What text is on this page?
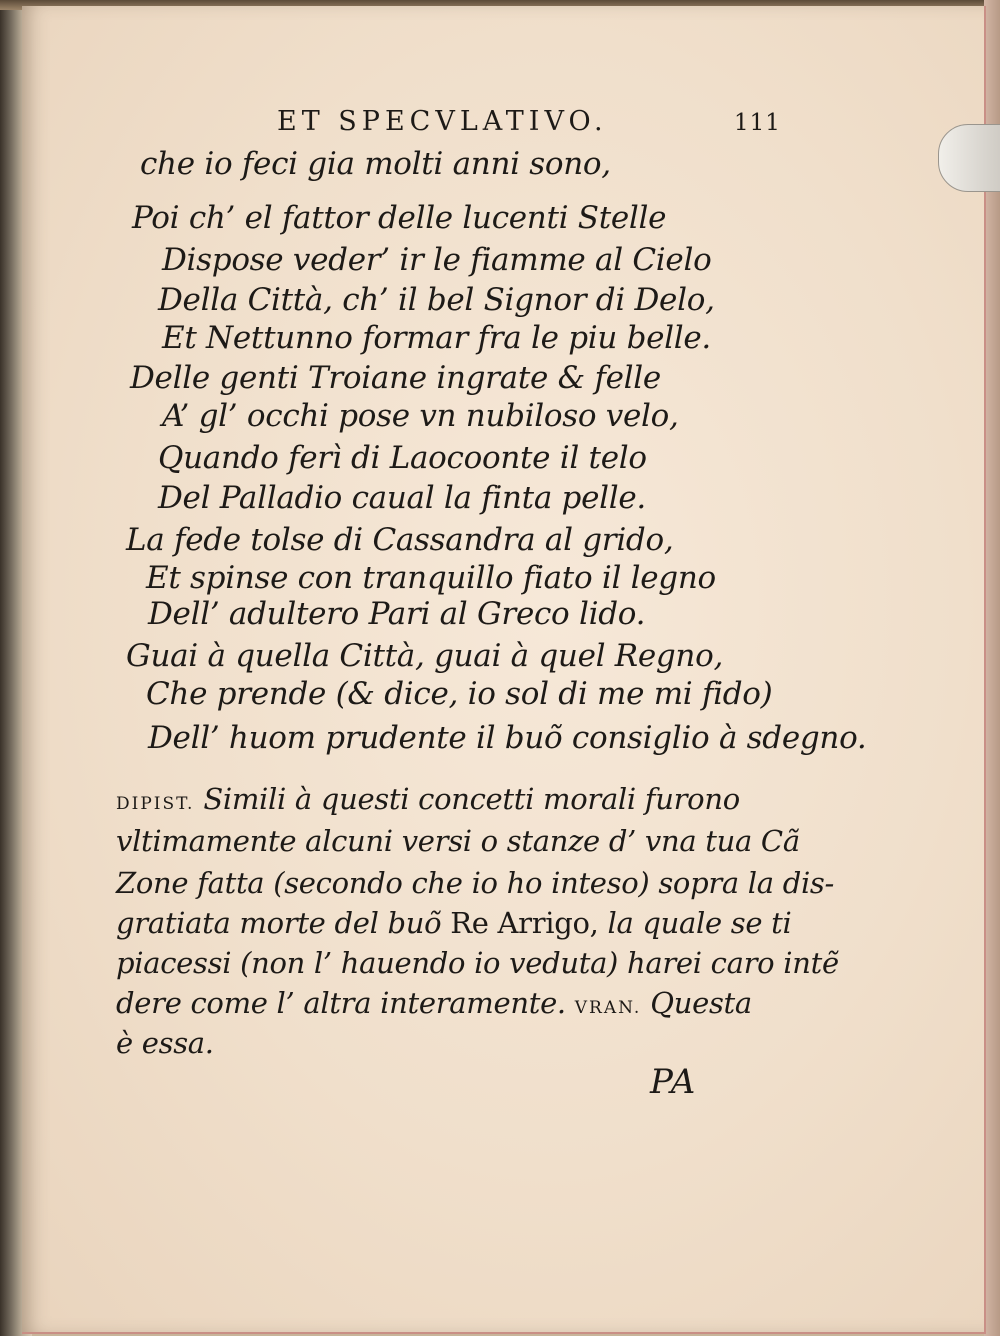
ET SPECVLATIVO.	111
che io feci gia molti anni sono,
Poi ch’ el fattor delle lucenti Stelle
Dispose veder’ ir le fiamme al Cielo
Della Città, ch’ il bel Signor di Delo,
Et Nettunno formar fra le piu belle.
Delle genti Troiane ingrate & felle
A’ gl’ occhi pose vn nubiloso velo,
Quando ferì di Laocoonte il telo
Del Palladio caual la finta pelle.
La fede tolse di Cassandra al grido,
Et spinse con tranquillo fiato il legno
Dell’ adultero Pari al Greco lido.
Guai à quella Città, guai à quel Regno,
Che prende (& dice, io sol di me mi fido)
Dell’ huom prudente il buõ consiglio à sdegno.
DIPIST. Simili à questi concetti morali furono
vltimamente alcuni versi o stanze d’ vna tua Cã
Zone fatta (secondo che io ho inteso) sopra la dis-
gratiata morte del buõ Re Arrigo, la quale se ti
piacessi (non l’ hauendo io veduta) harei caro intẽ
dere come l’ altra interamente. VRAN. Questa
è essa.
PA
